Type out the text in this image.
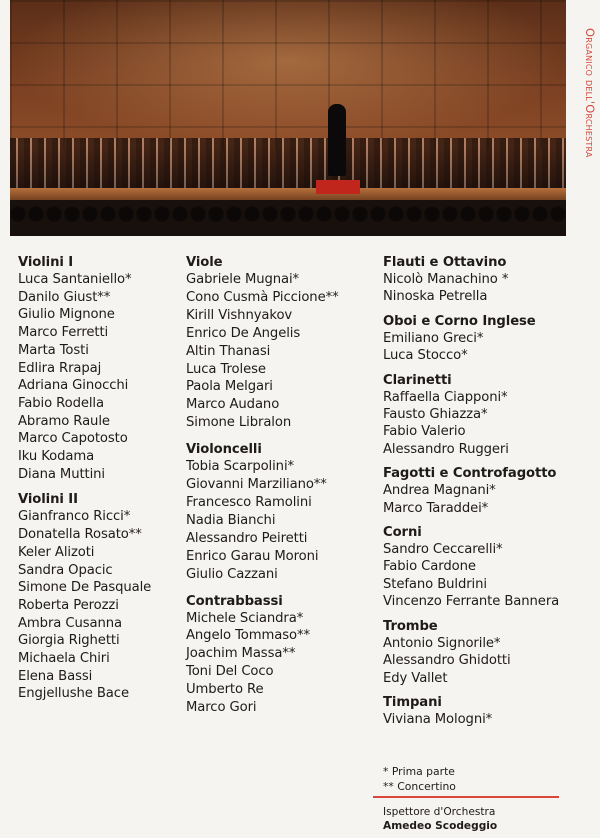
Organico dell'Orchestra
Violini I
Luca Santaniello*
Danilo Giust**
Giulio Mignone
Marco Ferretti
Marta Tosti
Edlira Rrapaj
Adriana Ginocchi
Fabio Rodella
Abramo Raule
Marco Capotosto
Iku Kodama
Diana Muttini
Violini II
Gianfranco Ricci*
Donatella Rosato**
Keler Alizoti
Sandra Opacic
Simone De Pasquale
Roberta Perozzi
Ambra Cusanna
Giorgia Righetti
Michaela Chiri
Elena Bassi
Engjellushe Bace
Viole
Gabriele Mugnai*
Cono Cusmà Piccione**
Kirill Vishnyakov
Enrico De Angelis
Altin Thanasi
Luca Trolese
Paola Melgari
Marco Audano
Simone Libralon
Violoncelli
Tobia Scarpolini*
Giovanni Marziliano**
Francesco Ramolini
Nadia Bianchi
Alessandro Peiretti
Enrico Garau Moroni
Giulio Cazzani
Contrabbassi
Michele Sciandra*
Angelo Tommaso**
Joachim Massa**
Toni Del Coco
Umberto Re
Marco Gori
Flauti e Ottavino
Nicolò Manachino *
Ninoska Petrella
Oboi e Corno Inglese
Emiliano Greci*
Luca Stocco*
Clarinetti
Raffaella Ciapponi*
Fausto Ghiazza*
Fabio Valerio
Alessandro Ruggeri
Fagotti e Controfagotto
Andrea Magnani*
Marco Taraddei*
Corni
Sandro Ceccarelli*
Fabio Cardone
Stefano Buldrini
Vincenzo Ferrante Bannera
Trombe
Antonio Signorile*
Alessandro Ghidotti
Edy Vallet
Timpani
Viviana Mologni*
* Prima parte
** Concertino
Ispettore d'Orchestra
Amedeo Scodeggio
